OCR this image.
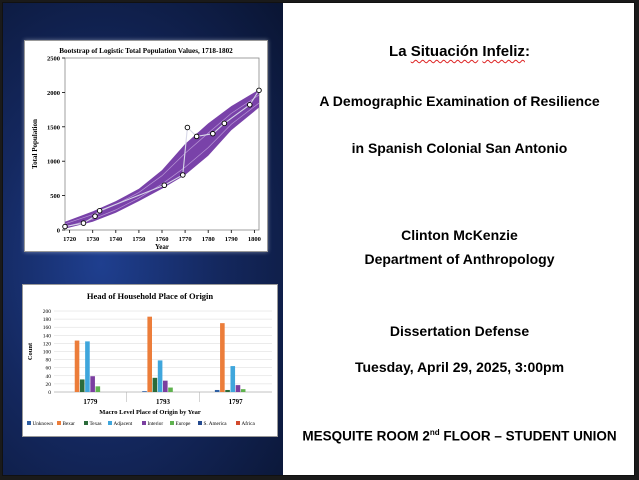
Bootstrap of Logistic Total Population Values, 1718-1802
0
500
1000
1500
2000
2500
1720 1730 1740 1750 1760 1770 1780 1790 1800
Year
Total Population
Head of Household Place of Origin
0
20
40
60
80
100
120
140
160
180
200
Count
1779	1793	1797
Macro Level Place of Origin by Year
Unknown Bexar	Texas Adjacent	Interior Europe	S. America	Africa
La Situación Infeliz:
A Demographic Examination of Resilience
in Spanish Colonial San Antonio
Clinton McKenzie
Department of Anthropology
Dissertation Defense
Tuesday, April 29, 2025, 3:00pm
MESQUITE ROOM 2nd FLOOR – STUDENT UNION
